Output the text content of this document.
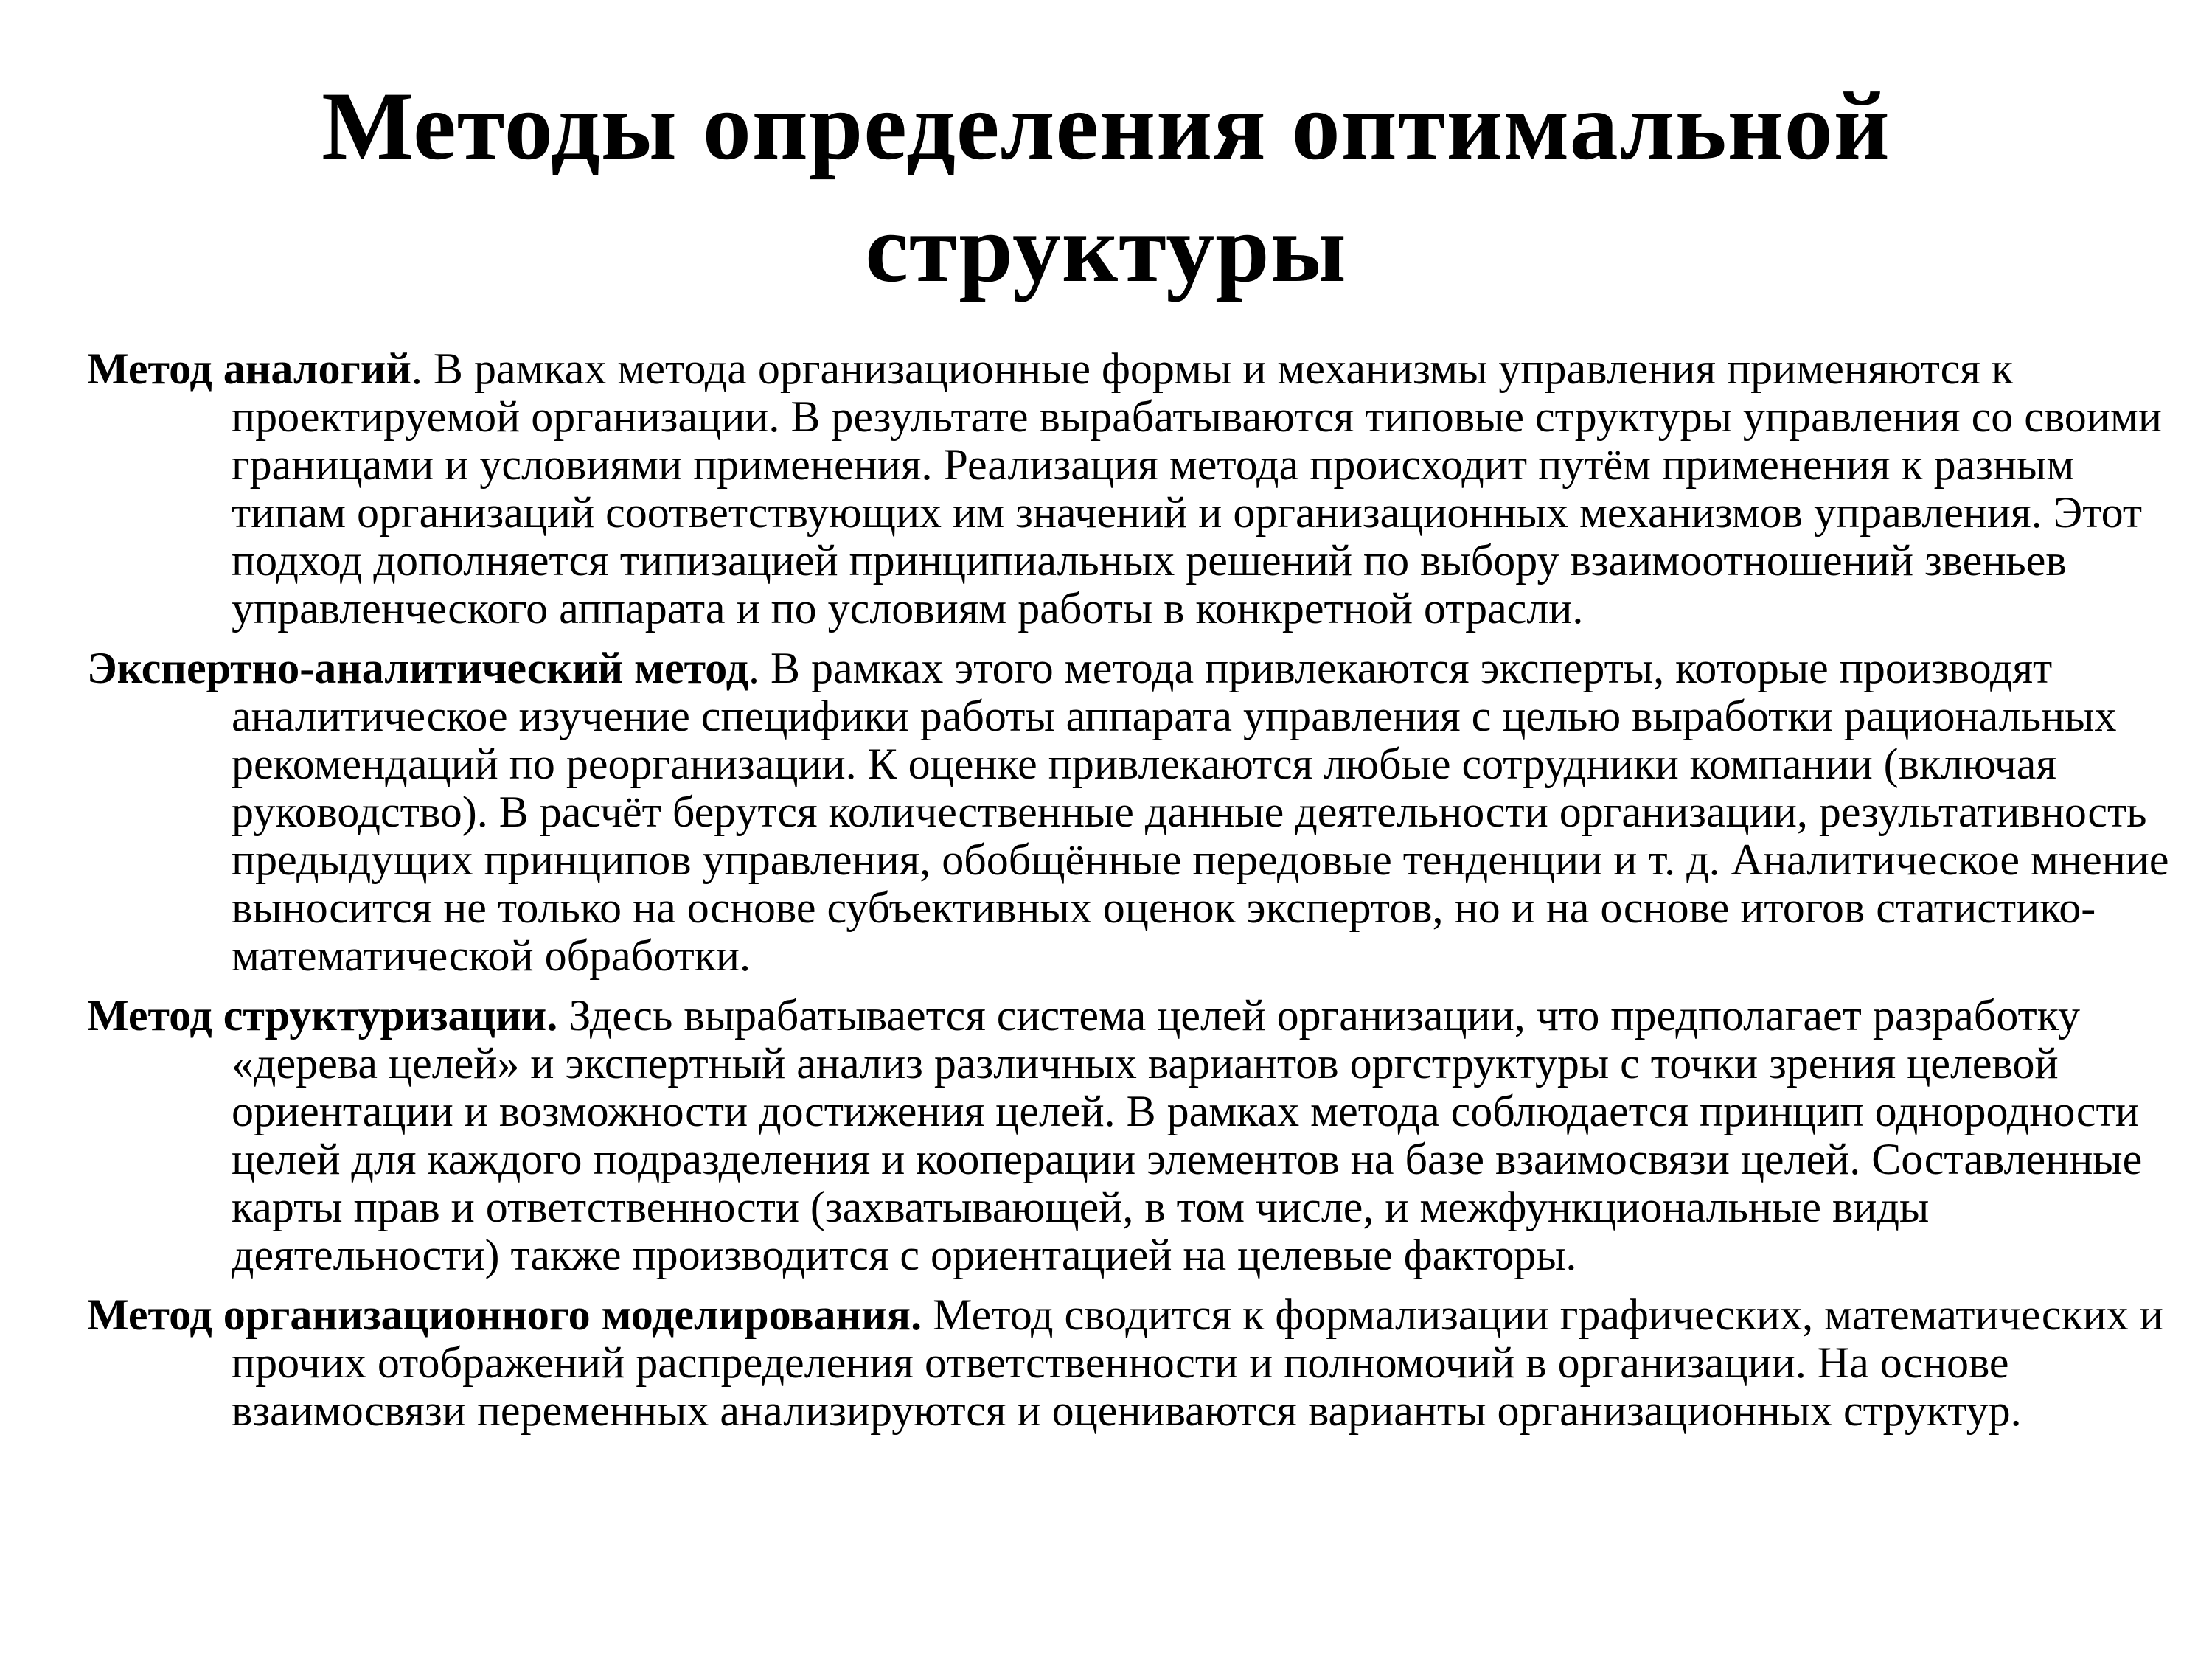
Методы определения оптимальной структуры
Метод аналогий. В рамках метода организационные формы и механизмы управления применяются к проектируемой организации. В результате вырабатываются типовые структуры управления со своими границами и условиями применения. Реализация метода происходит путём применения к разным типам организаций соответствующих им значений и организационных механизмов управления. Этот подход дополняется типизацией принципиальных решений по выбору взаимоотношений звеньев управленческого аппарата и по условиям работы в конкретной отрасли.
Экспертно-аналитический метод. В рамках этого метода привлекаются эксперты, которые производят аналитическое изучение специфики работы аппарата управления с целью выработки рациональных рекомендаций по реорганизации. К оценке привлекаются любые сотрудники компании (включая руководство). В расчёт берутся количественные данные деятельности организации, результативность предыдущих принципов управления, обобщённые передовые тенденции и т. д. Аналитическое мнение выносится не только на основе субъективных оценок экспертов, но и на основе итогов статистико-математической обработки.
Метод структуризации. Здесь вырабатывается система целей организации, что предполагает разработку «дерева целей» и экспертный анализ различных вариантов оргструктуры с точки зрения целевой ориентации и возможности достижения целей. В рамках метода соблюдается принцип однородности целей для каждого подразделения и кооперации элементов на базе взаимосвязи целей. Составленные карты прав и ответственности (захватывающей, в том числе, и межфункциональные виды деятельности) также производится с ориентацией на целевые факторы.
Метод организационного моделирования. Метод сводится к формализации графических, математических и прочих отображений распределения ответственности и полномочий в организации. На основе взаимосвязи переменных анализируются и оцениваются варианты организационных структур.
